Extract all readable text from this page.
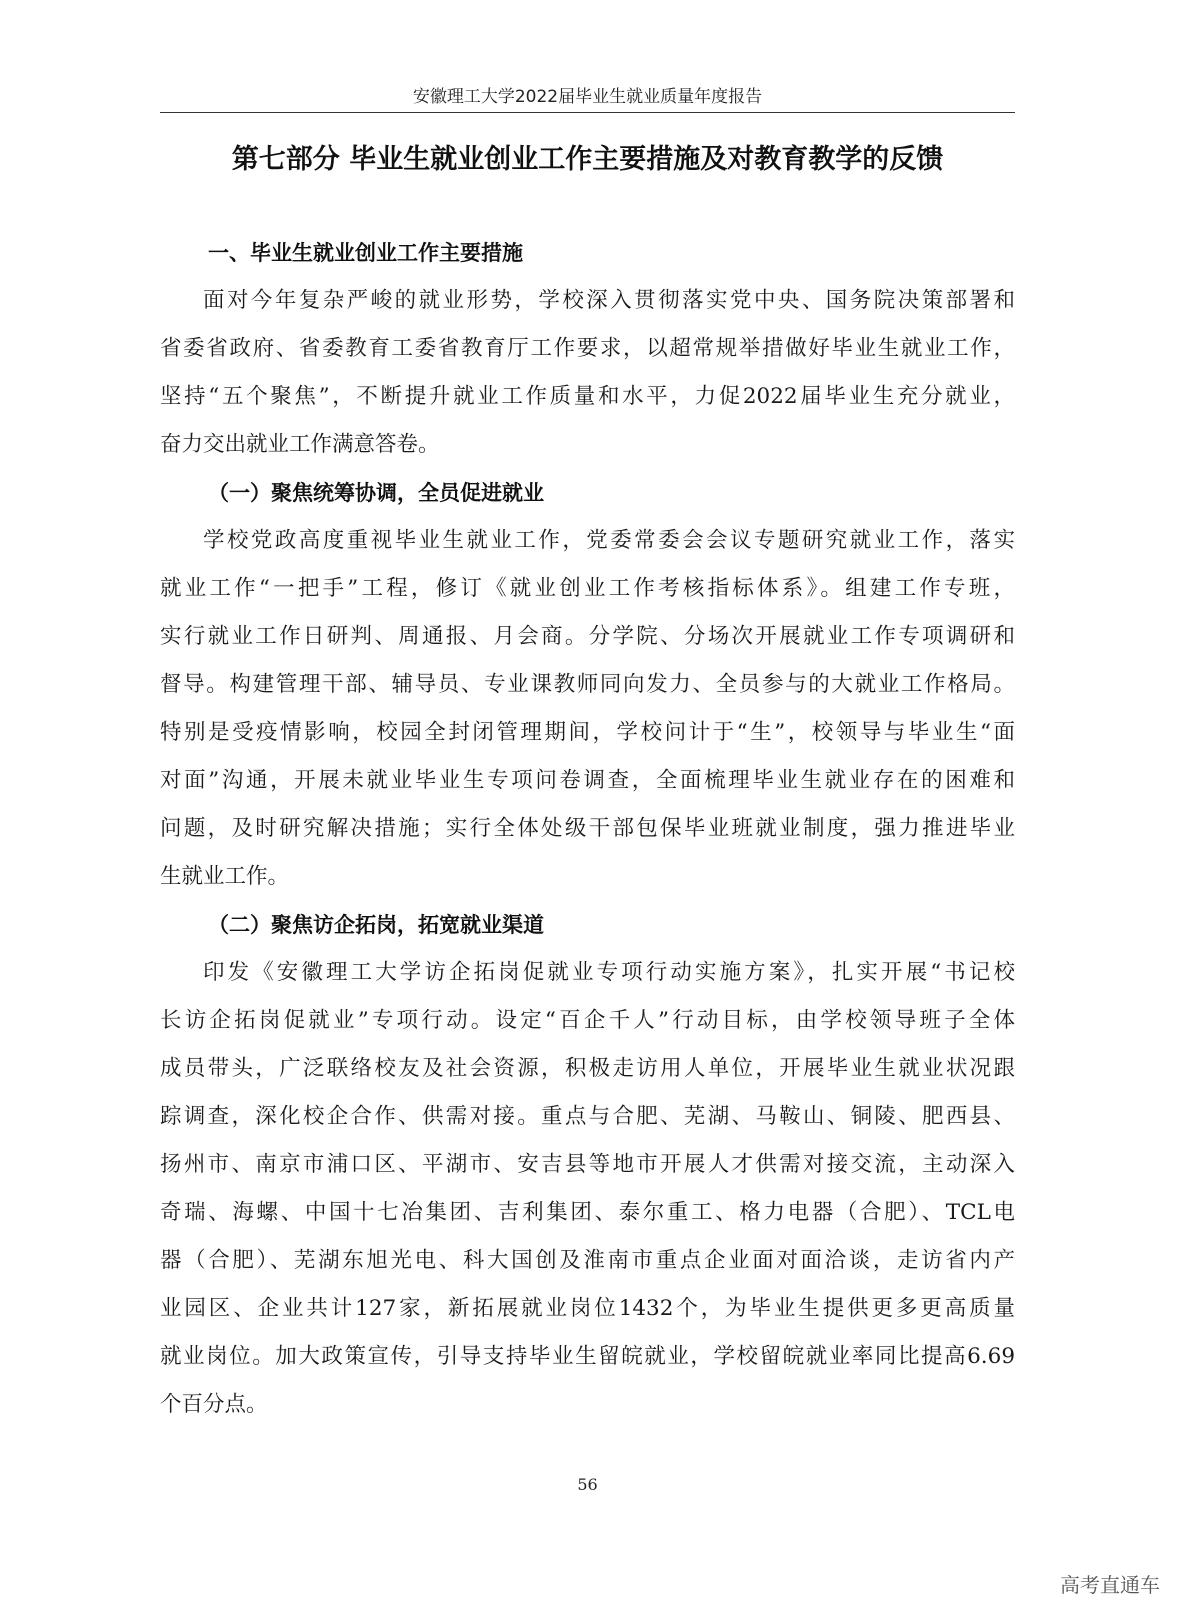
安徽理工大学2022届毕业生就业质量年度报告
第七部分 毕业生就业创业工作主要措施及对教育教学的反馈
一、毕业生就业创业工作主要措施
面对今年复杂严峻的就业形势，学校深入贯彻落实党中央、国务院决策部署和
省委省政府、省委教育工委省教育厅工作要求，以超常规举措做好毕业生就业工作，
坚持“五个聚焦”，不断提升就业工作质量和水平，力促2022届毕业生充分就业，
奋力交出就业工作满意答卷。
（一）聚焦统筹协调，全员促进就业
学校党政高度重视毕业生就业工作，党委常委会会议专题研究就业工作，落实
就业工作“一把手”工程，修订《就业创业工作考核指标体系》。组建工作专班，
实行就业工作日研判、周通报、月会商。分学院、分场次开展就业工作专项调研和
督导。构建管理干部、辅导员、专业课教师同向发力、全员参与的大就业工作格局。
特别是受疫情影响，校园全封闭管理期间，学校问计于“生”，校领导与毕业生“面
对面”沟通，开展未就业毕业生专项问卷调查，全面梳理毕业生就业存在的困难和
问题，及时研究解决措施；实行全体处级干部包保毕业班就业制度，强力推进毕业
生就业工作。
（二）聚焦访企拓岗，拓宽就业渠道
印发《安徽理工大学访企拓岗促就业专项行动实施方案》，扎实开展“书记校
长访企拓岗促就业”专项行动。设定“百企千人”行动目标，由学校领导班子全体
成员带头，广泛联络校友及社会资源，积极走访用人单位，开展毕业生就业状况跟
踪调查，深化校企合作、供需对接。重点与合肥、芜湖、马鞍山、铜陵、肥西县、
扬州市、南京市浦口区、平湖市、安吉县等地市开展人才供需对接交流，主动深入
奇瑞、海螺、中国十七冶集团、吉利集团、泰尔重工、格力电器（合肥）、TCL电
器（合肥）、芜湖东旭光电、科大国创及淮南市重点企业面对面洽谈，走访省内产
业园区、企业共计127家，新拓展就业岗位1432个，为毕业生提供更多更高质量
就业岗位。加大政策宣传，引导支持毕业生留皖就业，学校留皖就业率同比提高6.69
个百分点。
56
高考直通车
